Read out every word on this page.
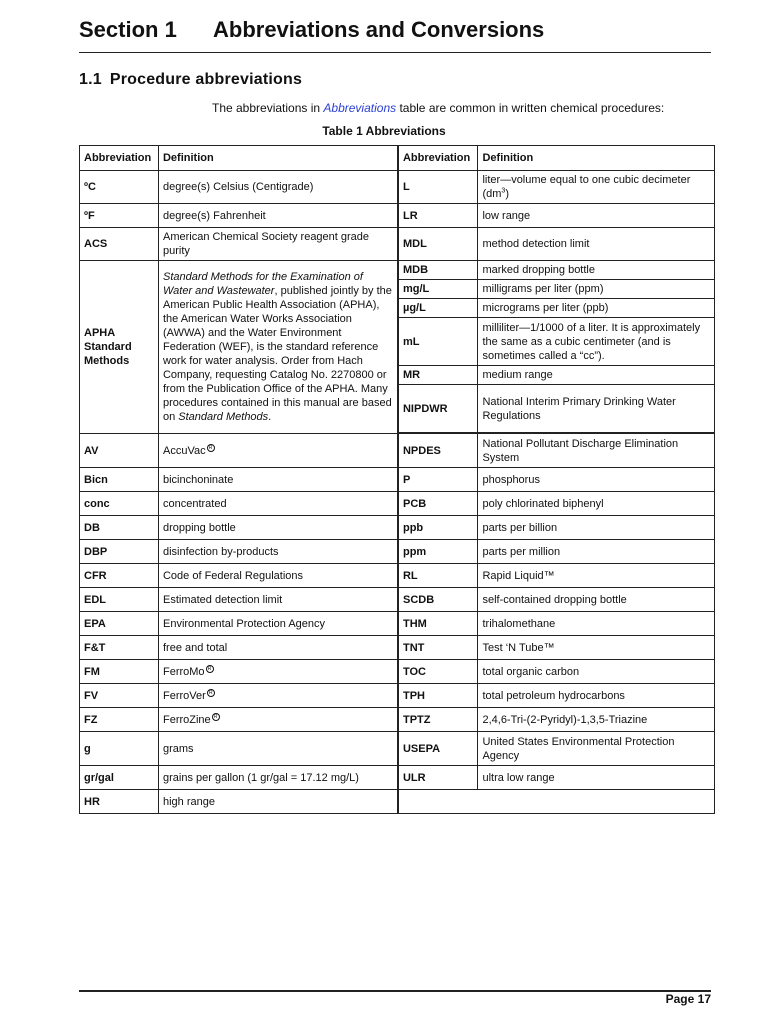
Section 1 Abbreviations and Conversions
1.1 Procedure abbreviations
The abbreviations in Abbreviations table are common in written chemical procedures:
Table 1 Abbreviations
Abbreviation	Definition	Abbreviation	Definition
ºC	degree(s) Celsius (Centigrade)	L	liter—volume equal to one cubic decimeter $(dm^3)$
ºF	degree(s) Fahrenheit	LR	low range
ACS	American Chemical Society reagent grade purity	MDL	method detection limit
APHA Standard Methods	Standard Methods for the Examination of Water and Wastewater, published jointly by the American Public Health Association (APHA), the American Water Works Association (AWWA) and the Water Environment Federation (WEF), is the standard reference work for water analysis. Order from Hach Company, requesting Catalog No. 2270800 or from the Publication Office of the APHA. Many procedures contained in this manual are based on Standard Methods.	MDB	marked dropping bottle
		mg/L	milligrams per liter (ppm)
		µg/L	micrograms per liter (ppb)
		mL	milliliter—1/1000 of a liter. It is approximately the same as a cubic centimeter (and is sometimes called a “cc”).
		MR	medium range
		NIPDWR	National Interim Primary Drinking Water Regulations

AV	AccuVac R	NPDES	National Pollutant Discharge Elimination System
Bicn	bicinchoninate	P	phosphorus
conc	concentrated	PCB	poly chlorinated biphenyl
DB	dropping bottle	ppb	parts per billion
DBP	disinfection by-products	ppm	parts per million
CFR	Code of Federal Regulations	RL	Rapid Liquid™
EDL	Estimated detection limit	SCDB	self-contained dropping bottle
EPA	Environmental Protection Agency	THM	trihalomethane
F&T	free and total	TNT	Test ‘N Tube™
FM	FerroMo R	TOC	total organic carbon
FV	FerroVer R	TPH	total petroleum hydrocarbons
FZ	FerroZine R	TPTZ	2,4,6-Tri-(2-Pyridyl)-1,3,5-Triazine
g	grams	USEPA	United States Environmental Protection Agency
gr/gal	grains per gallon (1 gr/gal = 17.12 mg/L)	ULR	ultra low range
HR	high range		
Page 17
